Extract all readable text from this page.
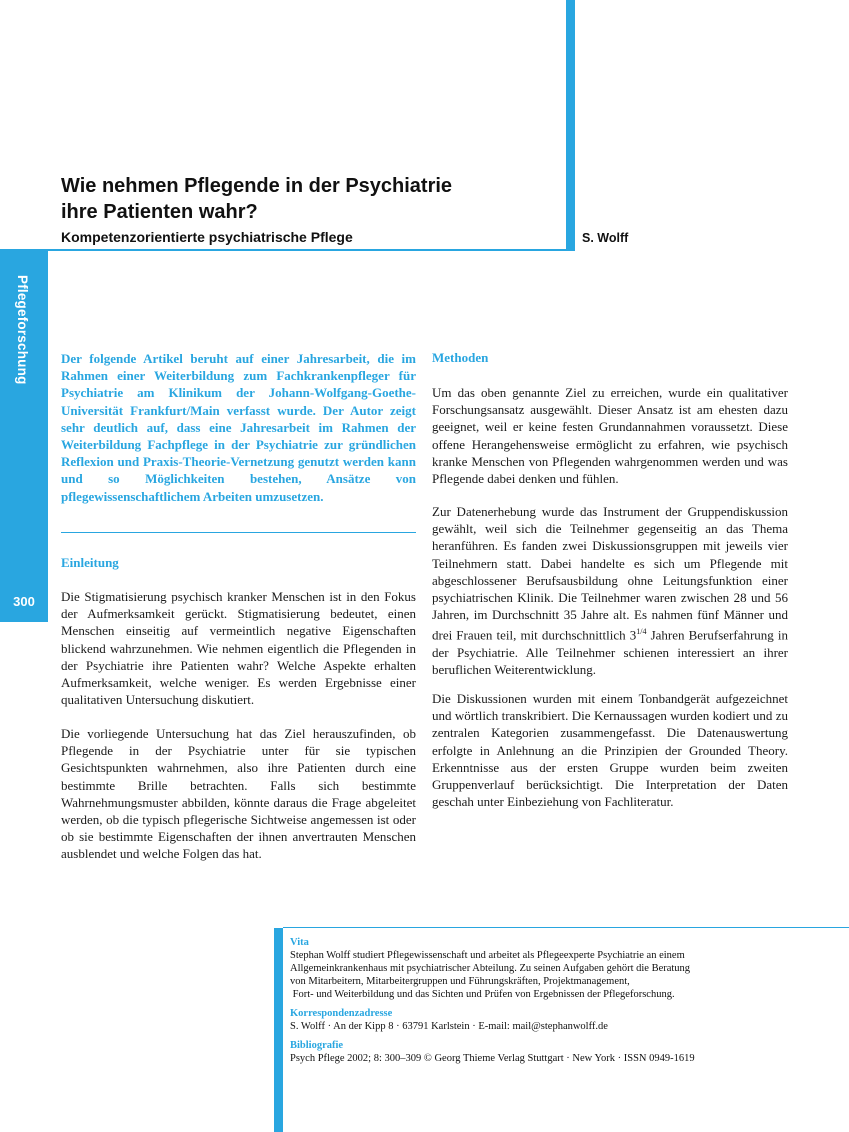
Wie nehmen Pflegende in der Psychiatrie
ihre Patienten wahr?
Kompetenzorientierte psychiatrische Pflege	S. Wolff
Pflegeforschung
300

Der folgende Artikel beruht auf einer Jahresarbeit, die im Rahmen einer Weiterbildung zum Fachkrankenpfleger für Psychiatrie am Klinikum der Johann-Wolfgang-Goethe-Universität Frankfurt/Main verfasst wurde. Der Autor zeigt sehr deutlich auf, dass eine Jahresarbeit im Rahmen der Weiterbildung Fachpflege in der Psychiatrie zur gründlichen Reflexion und Praxis-Theorie-Vernetzung genutzt werden kann und so Möglichkeiten bestehen, Ansätze von pflegewissenschaftlichem Arbeiten umzusetzen.

Einleitung

Die Stigmatisierung psychisch kranker Menschen ist in den Fokus der Aufmerksamkeit gerückt. Stigmatisierung bedeutet, einen Menschen einseitig auf vermeintlich negative Eigenschaften blickend wahrzunehmen. Wie nehmen eigentlich die Pflegenden in der Psychiatrie ihre Patienten wahr? Welche Aspekte erhalten Aufmerksamkeit, welche weniger. Es werden Ergebnisse einer qualitativen Untersuchung diskutiert.

Die vorliegende Untersuchung hat das Ziel herauszufinden, ob Pflegende in der Psychiatrie unter für sie typischen Gesichtspunkten wahrnehmen, also ihre Patienten durch eine bestimmte Brille betrachten. Falls sich bestimmte Wahrnehmungsmuster abbilden, könnte daraus die Frage abgeleitet werden, ob die typisch pflegerische Sichtweise angemessen ist oder ob sie bestimmte Eigenschaften der ihnen anvertrauten Menschen ausblendet und welche Folgen das hat.

Methoden

Um das oben genannte Ziel zu erreichen, wurde ein qualitativer Forschungsansatz ausgewählt. Dieser Ansatz ist am ehesten dazu geeignet, weil er keine festen Grundannahmen voraussetzt. Diese offene Herangehensweise ermöglicht zu erfahren, wie psychisch kranke Menschen von Pflegenden wahrgenommen werden und was Pflegende dabei denken und fühlen.

Zur Datenerhebung wurde das Instrument der Gruppendiskussion gewählt, weil sich die Teilnehmer gegenseitig an das Thema heranführen. Es fanden zwei Diskussionsgruppen mit jeweils vier Teilnehmern statt. Dabei handelte es sich um Pflegende mit abgeschlossener Berufsausbildung ohne Leitungsfunktion einer psychiatrischen Klinik. Die Teilnehmer waren zwischen 28 und 56 Jahren, im Durchschnitt 35 Jahre alt. Es nahmen fünf Männer und drei Frauen teil, mit durchschnittlich $3^{1/4}$ Jahren Berufserfahrung in der Psychiatrie. Alle Teilnehmer schienen interessiert an ihrer beruflichen Weiterentwicklung.

Die Diskussionen wurden mit einem Tonbandgerät aufgezeichnet und wörtlich transkribiert. Die Kernaussagen wurden kodiert und zu zentralen Kategorien zusammengefasst. Die Datenauswertung erfolgte in Anlehnung an die Prinzipien der Grounded Theory. Erkenntnisse aus der ersten Gruppe wurden beim zweiten Gruppenverlauf berücksichtigt. Die Interpretation der Daten geschah unter Einbeziehung von Fachliteratur.

Vita

Stephan Wolff studiert Pflegewissenschaft und arbeitet als Pflegeexperte Psychiatrie an einem

Allgemeinkrankenhaus mit psychiatrischer Abteilung. Zu seinen Aufgaben gehört die Beratung

von Mitarbeitern, Mitarbeitergruppen und Führungskräften, Projektmanagement,

Fort- und Weiterbildung und das Sichten und Prüfen von Ergebnissen der Pflegeforschung.

Korrespondenzadresse

S. Wolff · An der Kipp 8 · 63791 Karlstein · E-mail: mail@stephanwolff.de

Bibliografie

Psych Pflege 2002; 8: 300–309 © Georg Thieme Verlag Stuttgart · New York · ISSN 0949-1619
